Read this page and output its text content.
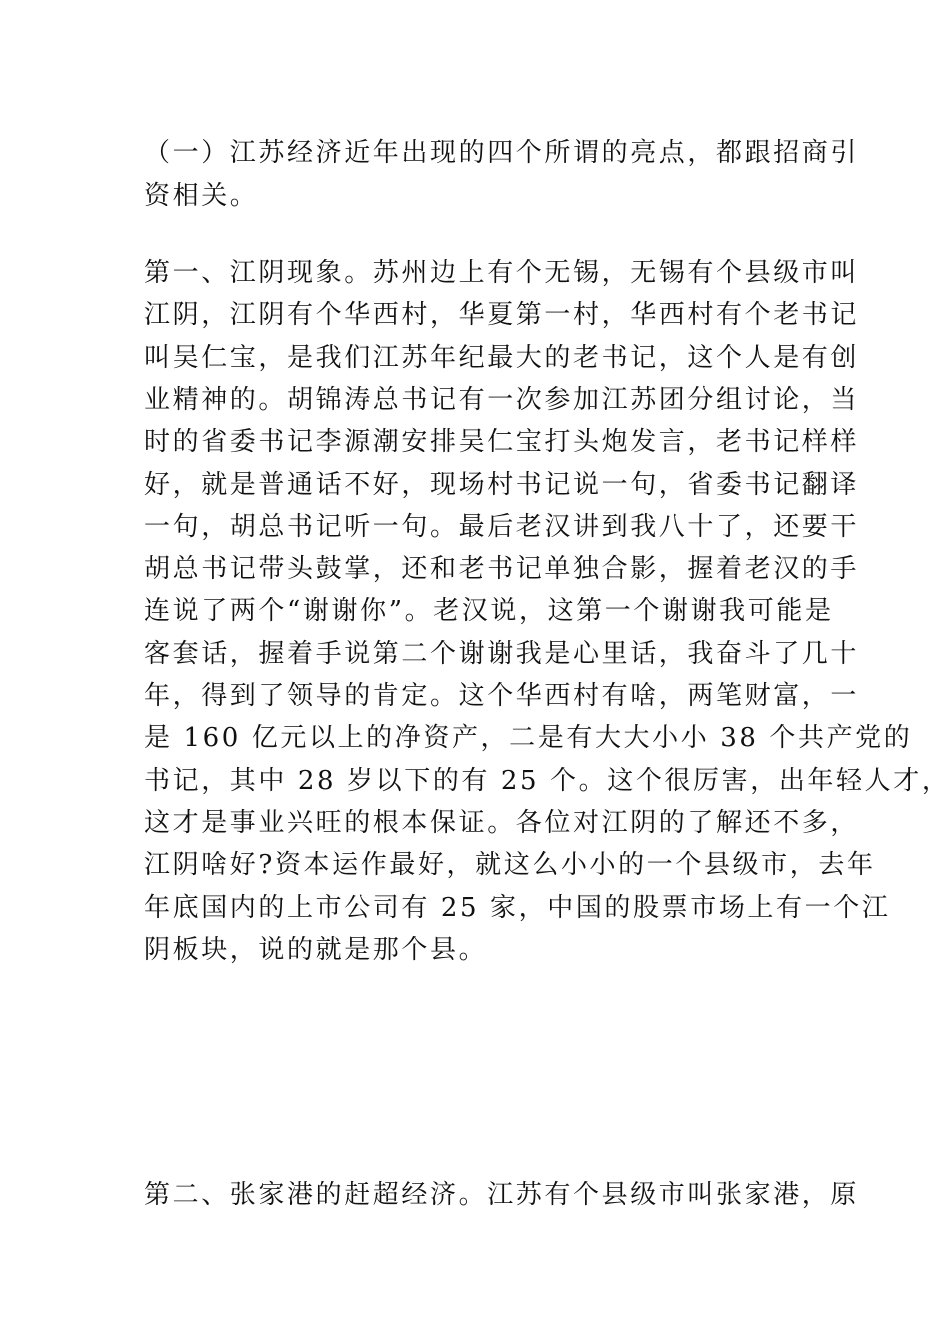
（一）江苏经济近年出现的四个所谓的亮点，都跟招商引
资相关。
第一、江阴现象。苏州边上有个无锡，无锡有个县级市叫
江阴，江阴有个华西村，华夏第一村，华西村有个老书记
叫吴仁宝，是我们江苏年纪最大的老书记，这个人是有创
业精神的。胡锦涛总书记有一次参加江苏团分组讨论，当
时的省委书记李源潮安排吴仁宝打头炮发言，老书记样样
好，就是普通话不好，现场村书记说一句，省委书记翻译
一句，胡总书记听一句。最后老汉讲到我八十了，还要干
胡总书记带头鼓掌，还和老书记单独合影，握着老汉的手
连说了两个“谢谢你”。老汉说，这第一个谢谢我可能是
客套话，握着手说第二个谢谢我是心里话，我奋斗了几十
年，得到了领导的肯定。这个华西村有啥，两笔财富，一
是 160 亿元以上的净资产，二是有大大小小 38 个共产党的
书记，其中 28 岁以下的有 25 个。这个很厉害，出年轻人才，
这才是事业兴旺的根本保证。各位对江阴的了解还不多，
江阴啥好?资本运作最好，就这么小小的一个县级市，去年
年底国内的上市公司有 25 家，中国的股票市场上有一个江
阴板块，说的就是那个县。
第二、张家港的赶超经济。江苏有个县级市叫张家港，原
